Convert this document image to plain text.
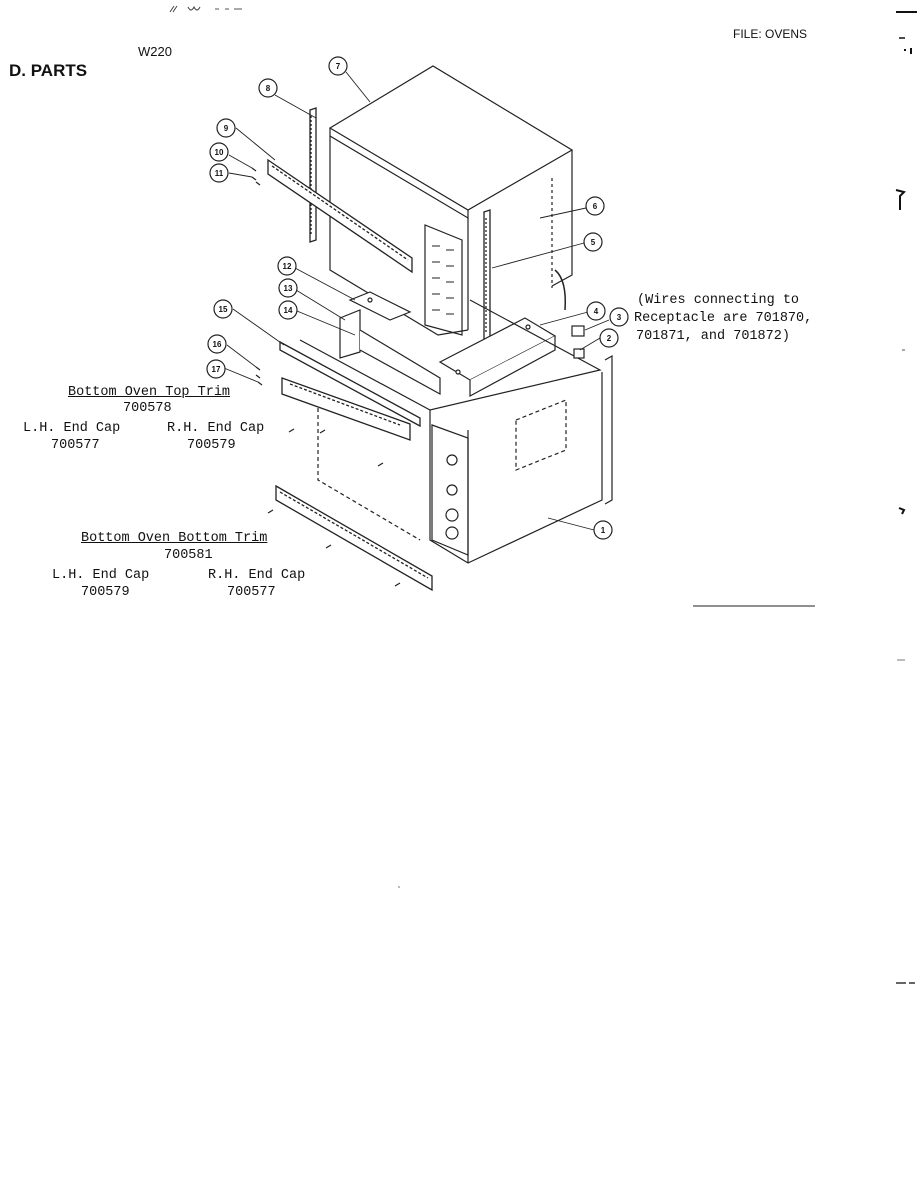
W220
D. PARTS
FILE: OVENS
8
7
9
10
11
12
13
14
15
16
17
6
5
4
3
2
1
(Wires connecting to
Receptacle are 701870,
701871, and 701872)
Bottom Oven Top Trim
700578
L.H. End Cap	R.H. End Cap
700577	700579
Bottom Oven Bottom Trim
700581
L.H. End Cap	R.H. End Cap
700579	700577
